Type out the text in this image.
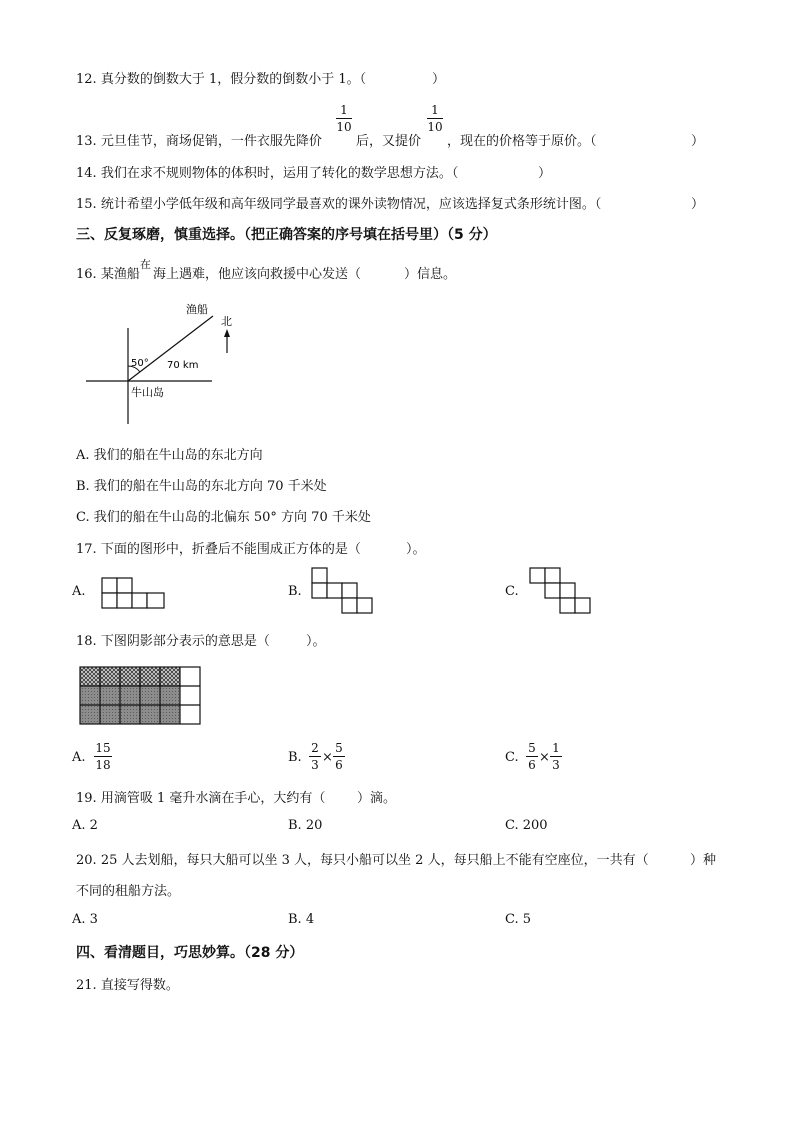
12. 真分数的倒数大于 1，假分数的倒数小于 1。（	）
1
10
1
10
13. 元旦佳节，商场促销，一件衣服先降价	后，又提价 ，现在的价格等于原价。（	）
14. 我们在求不规则物体的体积时，运用了转化的数学思想方法。（	）
15. 统计希望小学低年级和高年级同学最喜欢的课外读物情况，应该选择复式条形统计图。（	）
三、反复琢磨，慎重选择。（把正确答案的序号填在括号里）（5 分）
16. 某渔船
在
海上遇难，他应该向救援中心发送（	）信息。
渔船
北
50° 70 km
牛山岛
A. 我们的船在牛山岛的东北方向
B. 我们的船在牛山岛的东北方向 70 千米处
C. 我们的船在牛山岛的北偏东 50° 方向 70 千米处
17. 下面的图形中，折叠后不能围成正方体的是（	）。
A.	B.	C.
18. 下图阴影部分表示的意思是（	）。
A.
15
18	B.
2
3 ×
5
6	C.
5
6 ×
1
3
19. 用滴管吸 1 毫升水滴在手心，大约有（ ）滴。
A. 2	B. 20	C. 200
20. 25 人去划船，每只大船可以坐 3 人，每只小船可以坐 2 人，每只船上不能有空座位，一共有（	）种
不同的租船方法。
A. 3	B. 4	C. 5
四、看清题目，巧思妙算。（28 分）
21. 直接写得数。
